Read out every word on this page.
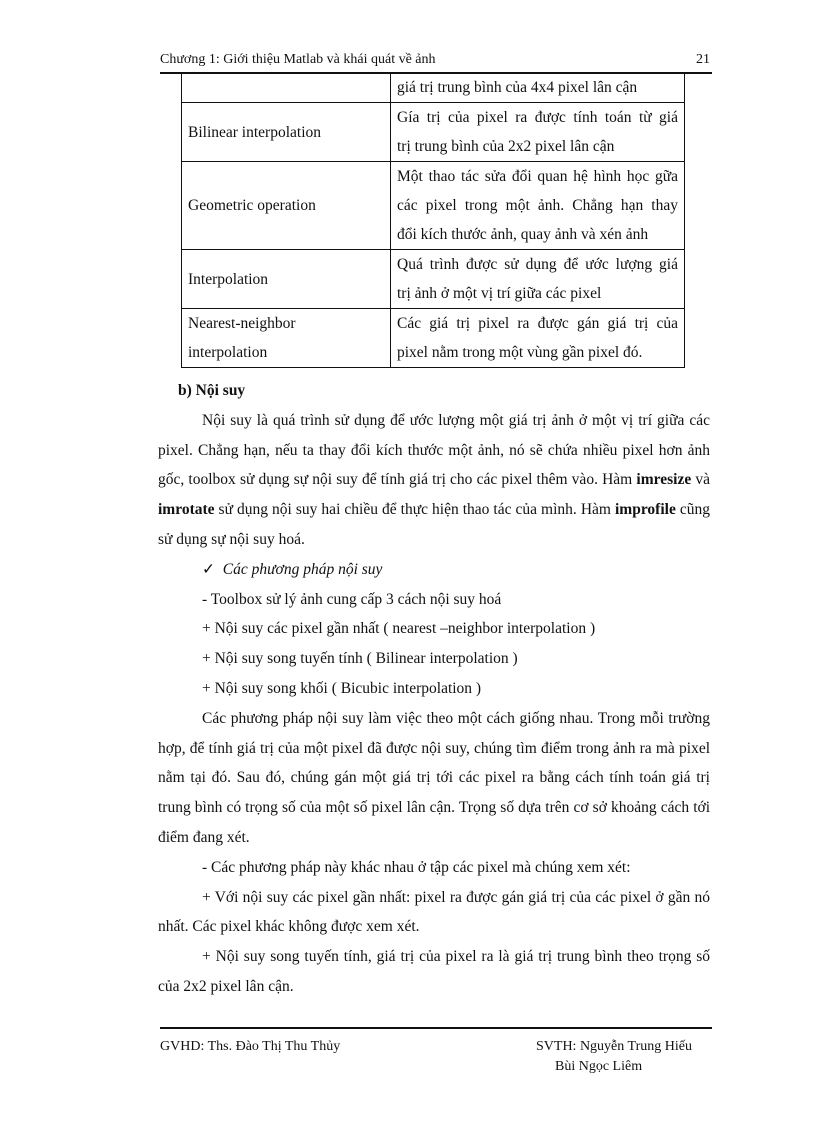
Chương 1: Giới thiệu Matlab và khái quát về ảnh	21

	giá trị trung bình của 4x4 pixel lân cận

Bilinear interpolation	Gía trị của pixel ra được tính toán từ giá
trị trung bình của 2x2 pixel lân cận

Geometric operation	Một thao tác sửa đổi quan hệ hình học gữa
các pixel trong một ảnh. Chẳng hạn thay
đổi kích thước ảnh, quay ảnh và xén ảnh

Interpolation	Quá trình được sử dụng để ước lượng giá
trị ảnh ở một vị trí giữa các pixel

Nearest-neighbor
interpolation	Các giá trị pixel ra được gán giá trị của
pixel nằm trong một vùng gần pixel đó.

b) Nội suy

Nội suy là quá trình sử dụng để ước lượng một giá trị ảnh ở một vị trí giữa các pixel. Chẳng hạn, nếu ta thay đổi kích thước một ảnh, nó sẽ chứa nhiều pixel hơn ảnh gốc, toolbox sử dụng sự nội suy để tính giá trị cho các pixel thêm vào. Hàm imresize và imrotate sử dụng nội suy hai chiều để thực hiện thao tác của mình. Hàm improfile cũng sử dụng sự nội suy hoá.

✓ Các phương pháp nội suy

- Toolbox sử lý ảnh cung cấp 3 cách nội suy hoá

+ Nội suy các pixel gần nhất ( nearest –neighbor interpolation )

+ Nội suy song tuyến tính ( Bilinear interpolation )

+ Nội suy song khối ( Bicubic interpolation )

Các phương pháp nội suy làm việc theo một cách giống nhau. Trong mỗi trường hợp, để tính giá trị của một pixel đã được nội suy, chúng tìm điểm trong ảnh ra mà pixel nằm tại đó. Sau đó, chúng gán một giá trị tới các pixel ra bằng cách tính toán giá trị trung bình có trọng số của một số pixel lân cận. Trọng số dựa trên cơ sở khoảng cách tới điểm đang xét.

- Các phương pháp này khác nhau ở tập các pixel mà chúng xem xét:

+ Với nội suy các pixel gần nhất: pixel ra được gán giá trị của các pixel ở gần nó nhất. Các pixel khác không được xem xét.

+ Nội suy song tuyến tính, giá trị của pixel ra là giá trị trung bình theo trọng số của 2x2 pixel lân cận.

GVHD: Ths. Đào Thị Thu Thủy	SVTH: Nguyễn Trung Hiếu
Bùi Ngọc Liêm
